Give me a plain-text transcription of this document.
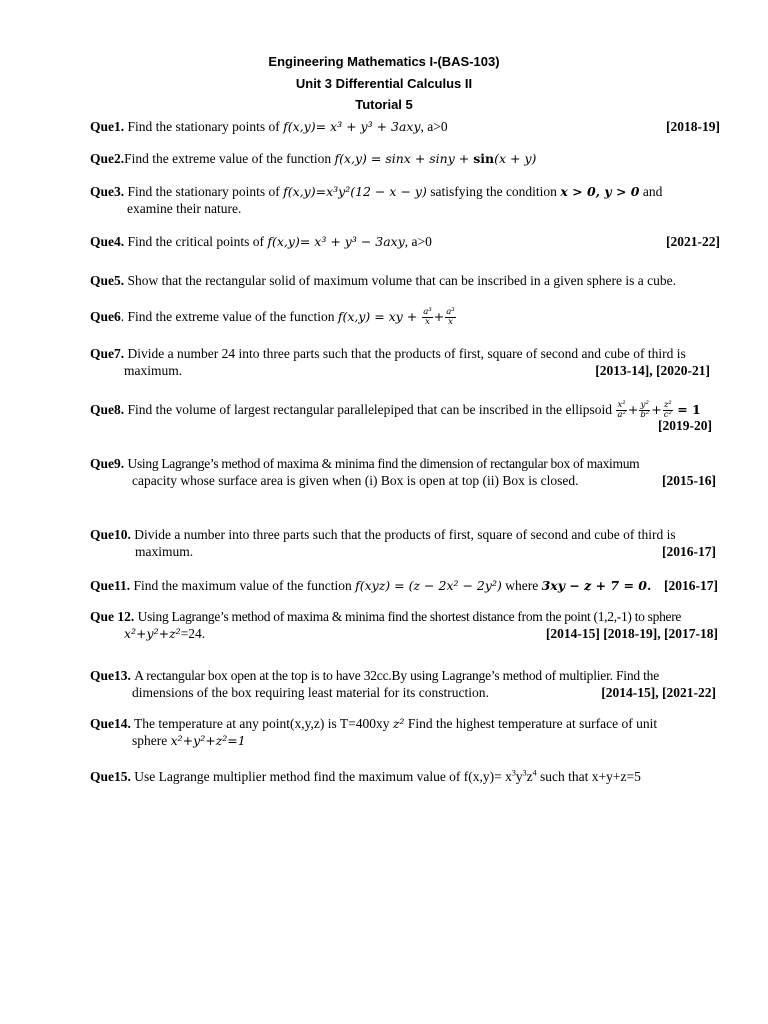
Engineering Mathematics I-(BAS-103)
Unit 3 Differential Calculus II
Tutorial 5
Que1. Find the stationary points of f(x,y)= x³ + y³ + 3axy, a>0	[2018-19]
Que2.Find the extreme value of the function f(x,y) = sinx + siny + sin(x + y)
Que3. Find the stationary points of f(x,y)=x³y²(12 − x − y) satisfying the condition x > 0, y > 0 and
examine their nature.
Que4. Find the critical points of f(x,y)= x³ + y³ − 3axy, a>0	[2021-22]
Que5. Show that the rectangular solid of maximum volume that can be inscribed in a given sphere is a cube.
Que6. Find the extreme value of the function f(x,y) = xy + $\frac{\text{a³}}{x} + \frac{\text{a³}}{x}$
Que7. Divide a number 24 into three parts such that the products of first, square of second and cube of third is
maximum.	[2013-14], [2020-21]
Que8. Find the volume of largest rectangular parallelepiped that can be inscribed in the ellipsoid $\frac{\text{x²}}{\text{a²}} + \frac{\text{y²}}{\text{b²}} + \frac{\text{z²}}{\text{c²}} = 1$
[2019-20]
Que9. Using Lagrange’s method of maxima & minima find the dimension of rectangular box of maximum
capacity whose surface area is given when (i) Box is open at top (ii) Box is closed.	[2015-16]
Que10. Divide a number into three parts such that the products of first, square of second and cube of third is
maximum.	[2016-17]
Que11. Find the maximum value of the function f(xyz) = (z − 2x² − 2y²) where 3xy − z + 7 = 0. [2016-17]
Que 12. Using Lagrange’s method of maxima & minima find the shortest distance from the point (1,2,-1) to sphere
x²+y²+z²=24.	[2014-15] [2018-19], [2017-18]
Que13. A rectangular box open at the top is to have 32cc.By using Lagrange’s method of multiplier. Find the
dimensions of the box requiring least material for its construction.	[2014-15], [2021-22]
Que14. The temperature at any point(x,y,z) is T=400xy z² Find the highest temperature at surface of unit
sphere x²+y²+z²=1
Que15. Use Lagrange multiplier method find the maximum value of $f(x,y)= x^3y^3z^4$ such that x+y+z=5
